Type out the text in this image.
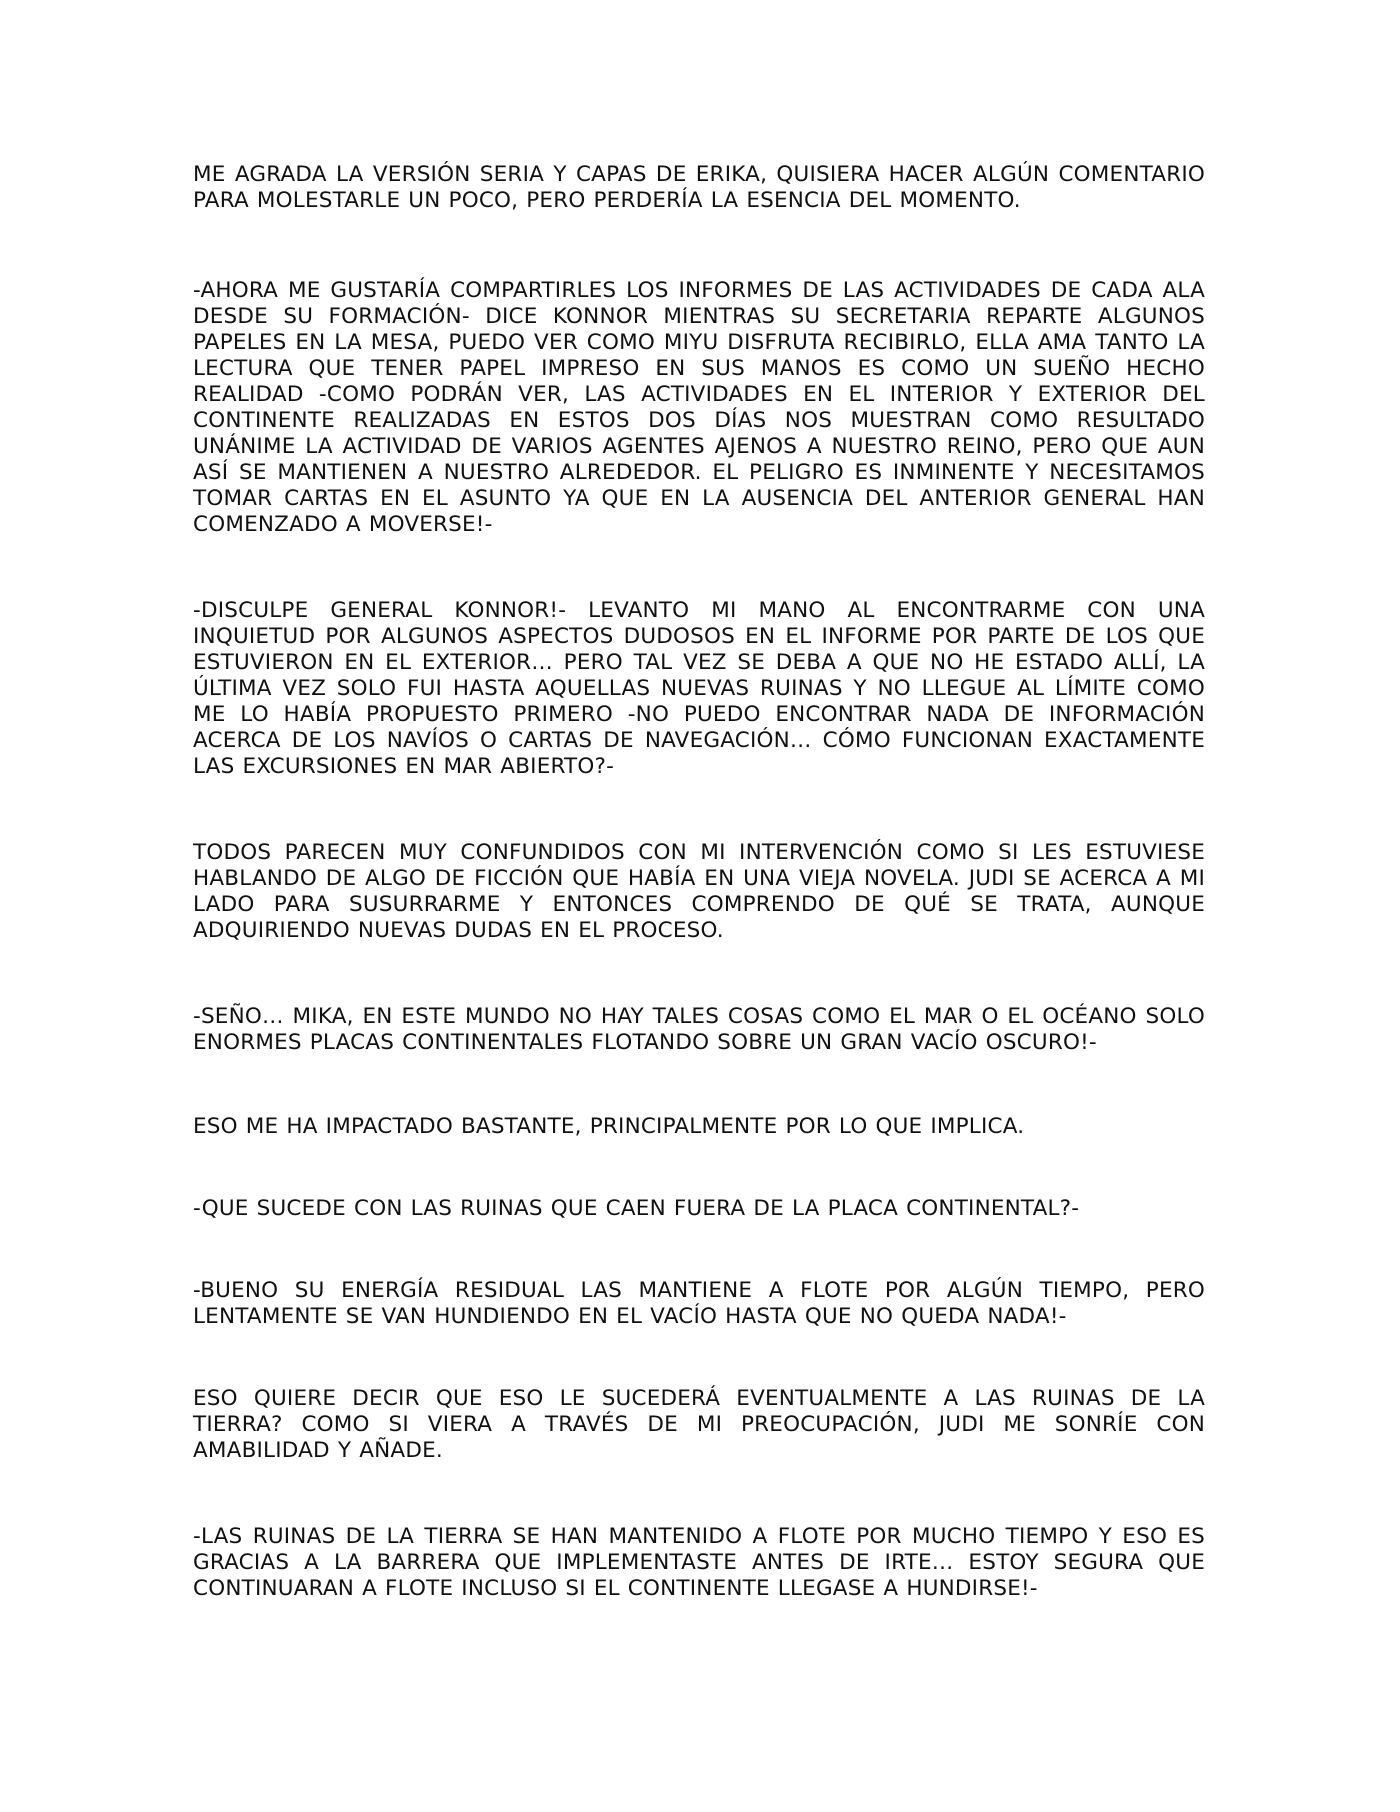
ME AGRADA LA VERSIÓN SERIA Y CAPAS DE ERIKA, QUISIERA HACER ALGÚN COMENTARIO PARA MOLESTARLE UN POCO, PERO PERDERÍA LA ESENCIA DEL MOMENTO.

-AHORA ME GUSTARÍA COMPARTIRLES LOS INFORMES DE LAS ACTIVIDADES DE CADA ALA DESDE SU FORMACIÓN- DICE KONNOR MIENTRAS SU SECRETARIA REPARTE ALGUNOS PAPELES EN LA MESA, PUEDO VER COMO MIYU DISFRUTA RECIBIRLO, ELLA AMA TANTO LA LECTURA QUE TENER PAPEL IMPRESO EN SUS MANOS ES COMO UN SUEÑO HECHO REALIDAD -COMO PODRÁN VER, LAS ACTIVIDADES EN EL INTERIOR Y EXTERIOR DEL CONTINENTE REALIZADAS EN ESTOS DOS DÍAS NOS MUESTRAN COMO RESULTADO UNÁNIME LA ACTIVIDAD DE VARIOS AGENTES AJENOS A NUESTRO REINO, PERO QUE AUN ASÍ SE MANTIENEN A NUESTRO ALREDEDOR. EL PELIGRO ES INMINENTE Y NECESITAMOS TOMAR CARTAS EN EL ASUNTO YA QUE EN LA AUSENCIA DEL ANTERIOR GENERAL HAN COMENZADO A MOVERSE!-

-DISCULPE GENERAL KONNOR!- LEVANTO MI MANO AL ENCONTRARME CON UNA INQUIETUD POR ALGUNOS ASPECTOS DUDOSOS EN EL INFORME POR PARTE DE LOS QUE ESTUVIERON EN EL EXTERIOR… PERO TAL VEZ SE DEBA A QUE NO HE ESTADO ALLÍ, LA ÚLTIMA VEZ SOLO FUI HASTA AQUELLAS NUEVAS RUINAS Y NO LLEGUE AL LÍMITE COMO ME LO HABÍA PROPUESTO PRIMERO -NO PUEDO ENCONTRAR NADA DE INFORMACIÓN ACERCA DE LOS NAVÍOS O CARTAS DE NAVEGACIÓN… CÓMO FUNCIONAN EXACTAMENTE LAS EXCURSIONES EN MAR ABIERTO?-

TODOS PARECEN MUY CONFUNDIDOS CON MI INTERVENCIÓN COMO SI LES ESTUVIESE HABLANDO DE ALGO DE FICCIÓN QUE HABÍA EN UNA VIEJA NOVELA. JUDI SE ACERCA A MI LADO PARA SUSURRARME Y ENTONCES COMPRENDO DE QUÉ SE TRATA, AUNQUE ADQUIRIENDO NUEVAS DUDAS EN EL PROCESO.

-SEÑO… MIKA, EN ESTE MUNDO NO HAY TALES COSAS COMO EL MAR O EL OCÉANO SOLO ENORMES PLACAS CONTINENTALES FLOTANDO SOBRE UN GRAN VACÍO OSCURO!-

ESO ME HA IMPACTADO BASTANTE, PRINCIPALMENTE POR LO QUE IMPLICA.

-QUE SUCEDE CON LAS RUINAS QUE CAEN FUERA DE LA PLACA CONTINENTAL?-

-BUENO SU ENERGÍA RESIDUAL LAS MANTIENE A FLOTE POR ALGÚN TIEMPO, PERO LENTAMENTE SE VAN HUNDIENDO EN EL VACÍO HASTA QUE NO QUEDA NADA!-

ESO QUIERE DECIR QUE ESO LE SUCEDERÁ EVENTUALMENTE A LAS RUINAS DE LA TIERRA? COMO SI VIERA A TRAVÉS DE MI PREOCUPACIÓN, JUDI ME SONRÍE CON AMABILIDAD Y AÑADE.

-LAS RUINAS DE LA TIERRA SE HAN MANTENIDO A FLOTE POR MUCHO TIEMPO Y ESO ES GRACIAS A LA BARRERA QUE IMPLEMENTASTE ANTES DE IRTE… ESTOY SEGURA QUE CONTINUARAN A FLOTE INCLUSO SI EL CONTINENTE LLEGASE A HUNDIRSE!-
